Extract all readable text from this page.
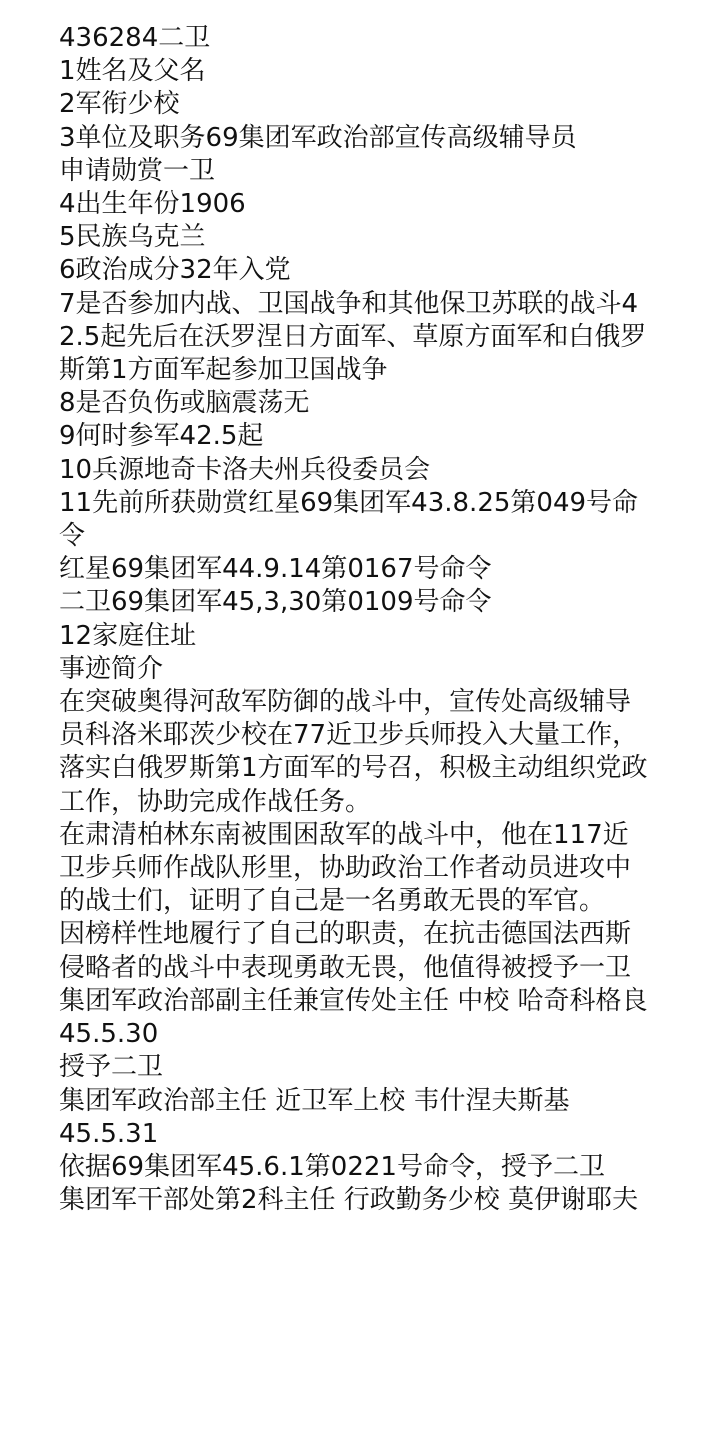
436284二卫
1姓名及父名
2军衔少校
3单位及职务69集团军政治部宣传高级辅导员
申请勋赏一卫
4出生年份1906
5民族乌克兰
6政治成分32年入党
7是否参加内战、卫国战争和其他保卫苏联的战斗42.5起先后在沃罗涅日方面军、草原方面军和白俄罗斯第1方面军起参加卫国战争
8是否负伤或脑震荡无
9何时参军42.5起
10兵源地奇卡洛夫州兵役委员会
11先前所获勋赏红星69集团军43.8.25第049号命令
红星69集团军44.9.14第0167号命令
二卫69集团军45,3,30第0109号命令
12家庭住址
事迹简介
在突破奥得河敌军防御的战斗中，宣传处高级辅导员科洛米耶茨少校在77近卫步兵师投入大量工作，落实白俄罗斯第1方面军的号召，积极主动组织党政工作，协助完成作战任务。
在肃清柏林东南被围困敌军的战斗中，他在117近卫步兵师作战队形里，协助政治工作者动员进攻中的战士们，证明了自己是一名勇敢无畏的军官。
因榜样性地履行了自己的职责，在抗击德国法西斯侵略者的战斗中表现勇敢无畏，他值得被授予一卫
集团军政治部副主任兼宣传处主任 中校 哈奇科格良
45.5.30
授予二卫
集团军政治部主任 近卫军上校 韦什涅夫斯基
45.5.31
依据69集团军45.6.1第0221号命令，授予二卫
集团军干部处第2科主任 行政勤务少校 莫伊谢耶夫
